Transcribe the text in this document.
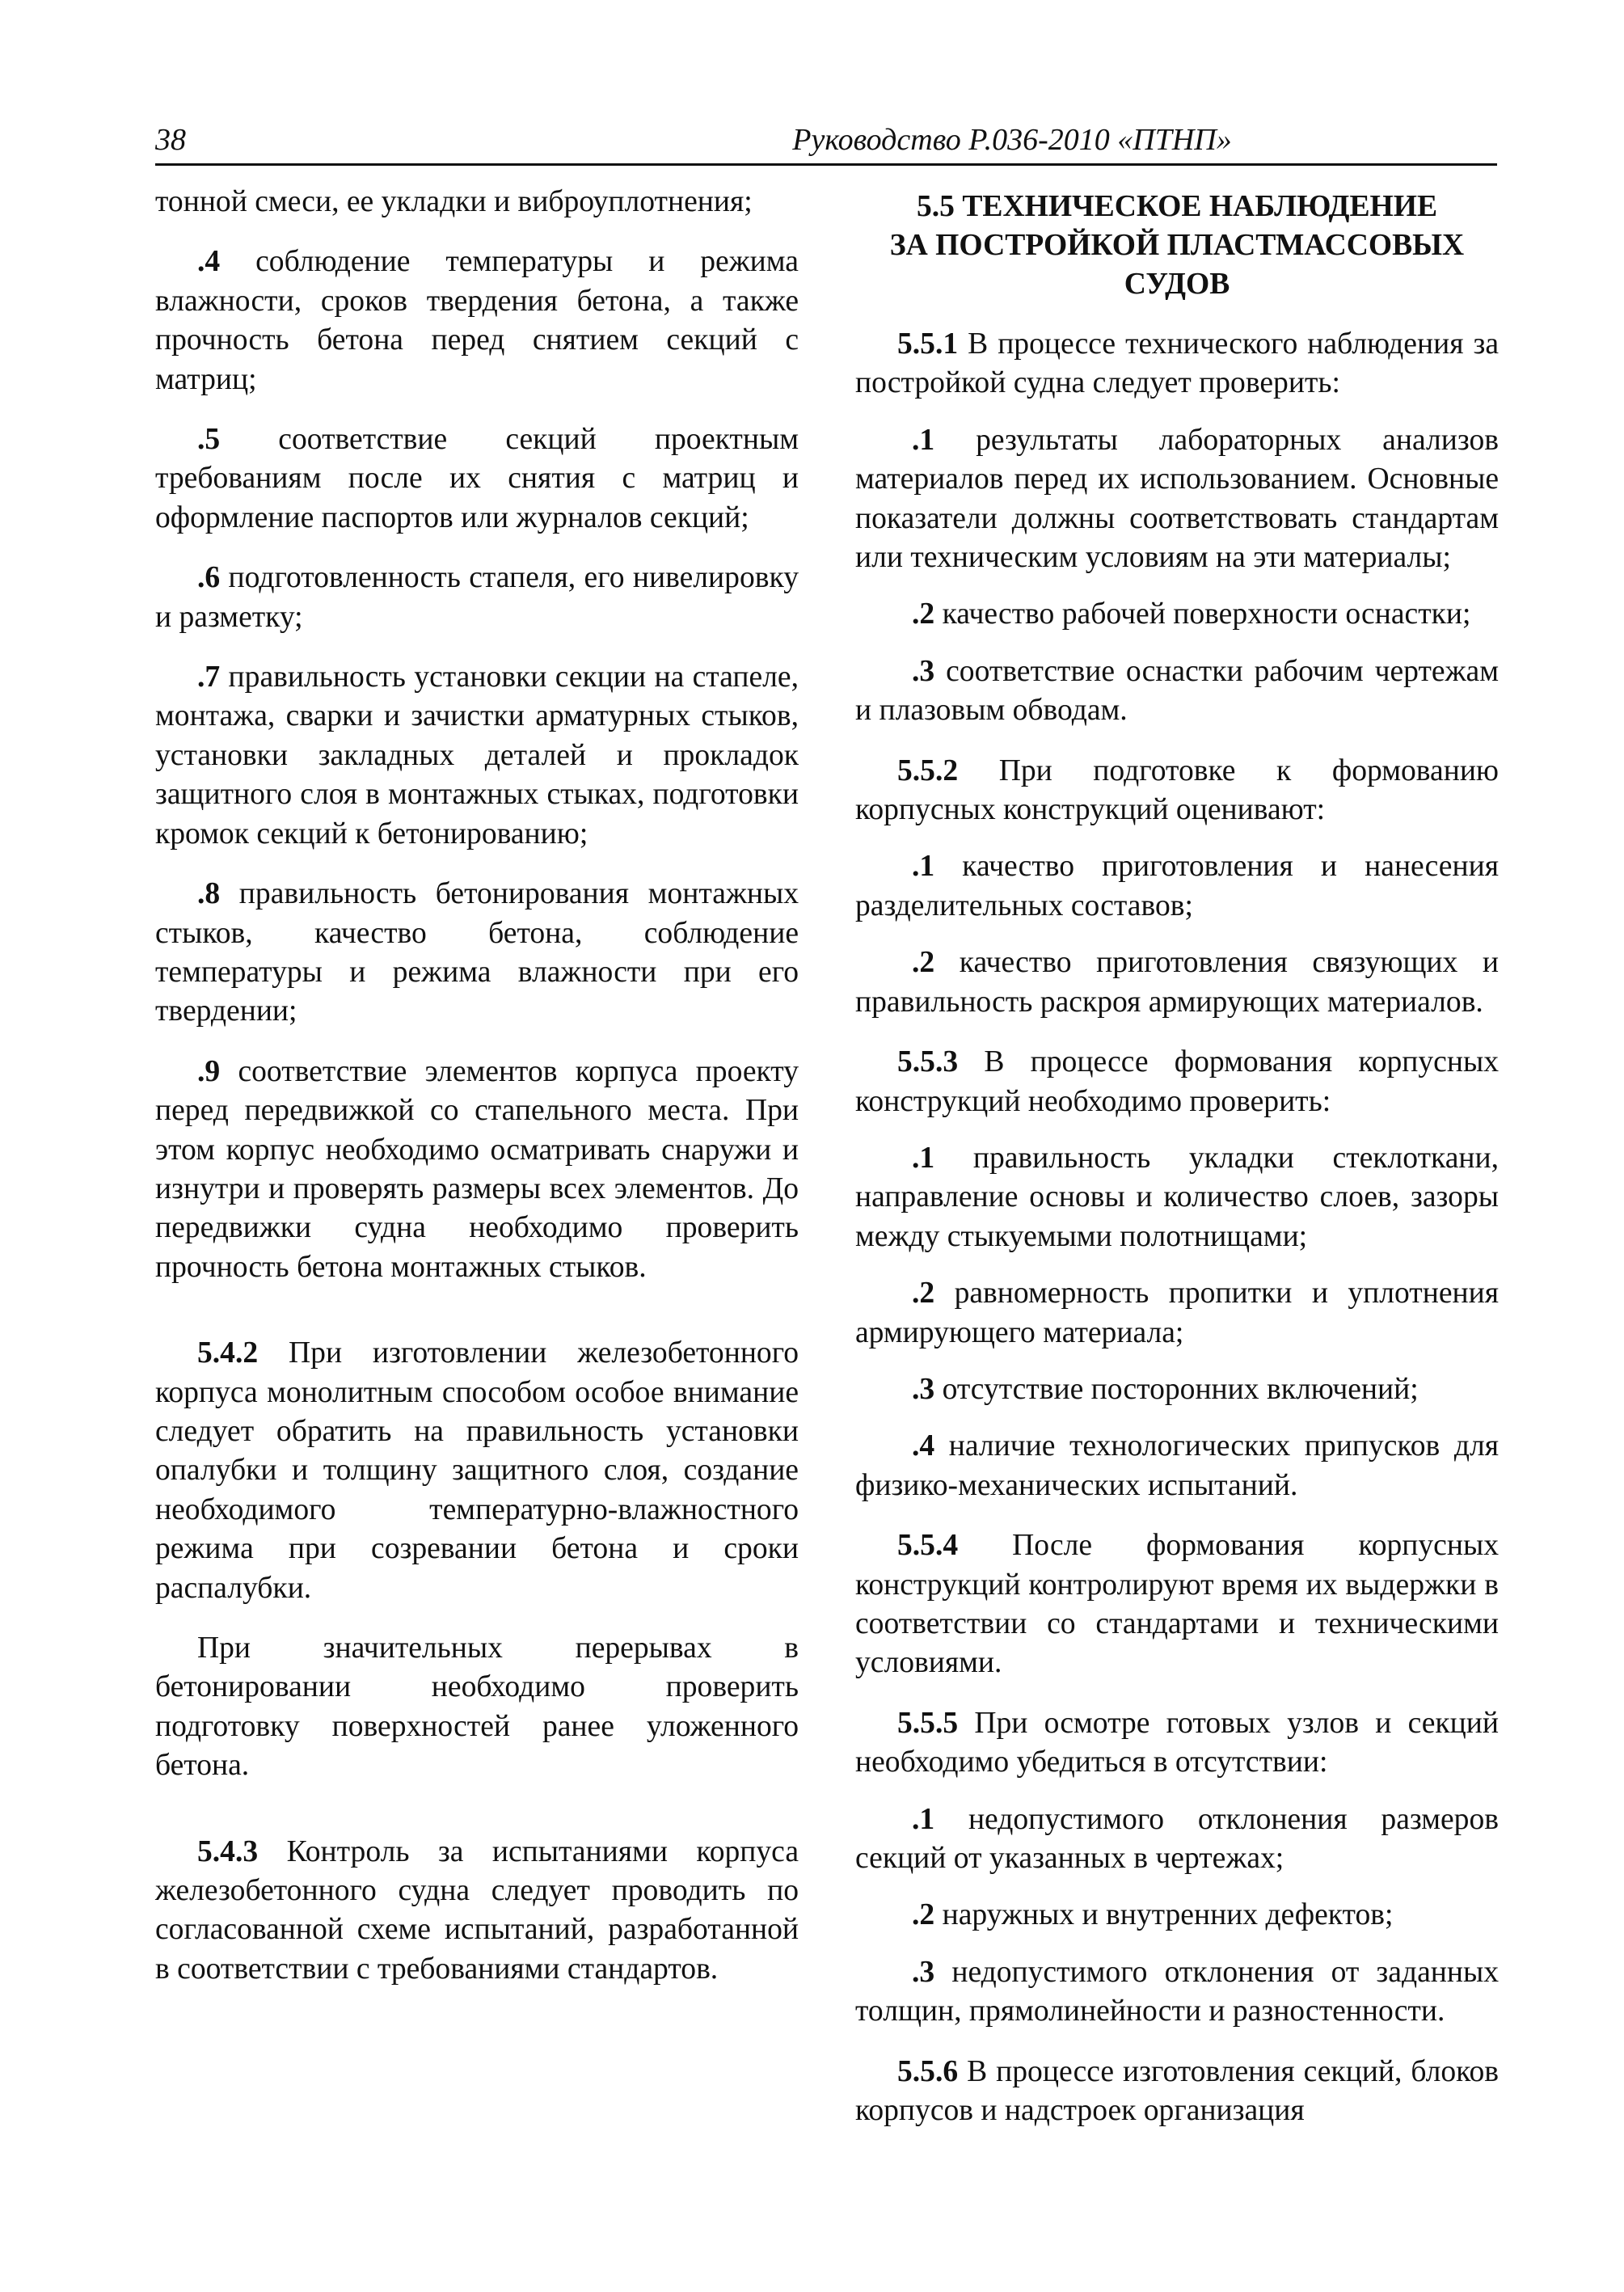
38	Руководство Р.036-2010 «ПТНП»

тонной смеси, ее укладки и виброуплотнения;

.4 соблюдение температуры и режима влажности, сроков твердения бетона, а также прочность бетона перед снятием секций с матриц;

.5 соответствие секций проектным требованиям после их снятия с матриц и оформление паспортов или журналов секций;

.6 подготовленность стапеля, его нивелировку и разметку;

.7 правильность установки секции на стапеле, монтажа, сварки и зачистки арматурных стыков, установки закладных деталей и прокладок защитного слоя в монтажных стыках, подготовки кромок секций к бетонированию;

.8 правильность бетонирования монтажных стыков, качество бетона, соблюдение температуры и режима влажности при его твердении;

.9 соответствие элементов корпуса проекту перед передвижкой со стапельного места. При этом корпус необходимо осматривать снаружи и изнутри и проверять размеры всех элементов. До передвижки судна необходимо проверить прочность бетона монтажных стыков.

5.4.2 При изготовлении железобетонного корпуса монолитным способом особое внимание следует обратить на правильность установки опалубки и толщину защитного слоя, создание необходимого температурно-влажностного режима при созревании бетона и сроки распалубки.

При значительных перерывах в бетонировании необходимо проверить подготовку поверхностей ранее уложенного бетона.

5.4.3 Контроль за испытаниями корпуса железобетонного судна следует проводить по согласованной схеме испытаний, разработанной в соответствии с требованиями стандартов.

5.5 ТЕХНИЧЕСКОЕ НАБЛЮДЕНИЕ
ЗА ПОСТРОЙКОЙ ПЛАСТМАССОВЫХ
СУДОВ

5.5.1 В процессе технического наблюдения за постройкой судна следует проверить:

.1 результаты лабораторных анализов материалов перед их использованием. Основные показатели должны соответствовать стандартам или техническим условиям на эти материалы;

.2 качество рабочей поверхности оснастки;

.3 соответствие оснастки рабочим чертежам и плазовым обводам.

5.5.2 При подготовке к формованию корпусных конструкций оценивают:

.1 качество приготовления и нанесения разделительных составов;

.2 качество приготовления связующих и правильность раскроя армирующих материалов.

5.5.3 В процессе формования корпусных конструкций необходимо проверить:

.1 правильность укладки стеклоткани, направление основы и количество слоев, зазоры между стыкуемыми полотнищами;

.2 равномерность пропитки и уплотнения армирующего материала;

.3 отсутствие посторонних включений;

.4 наличие технологических припусков для физико-механических испытаний.

5.5.4 После формования корпусных конструкций контролируют время их выдержки в соответствии со стандартами и техническими условиями.

5.5.5 При осмотре готовых узлов и секций необходимо убедиться в отсутствии:

.1 недопустимого отклонения размеров секций от указанных в чертежах;

.2 наружных и внутренних дефектов;

.3 недопустимого отклонения от заданных толщин, прямолинейности и разностенности.

5.5.6 В процессе изготовления секций, блоков корпусов и надстроек организация
